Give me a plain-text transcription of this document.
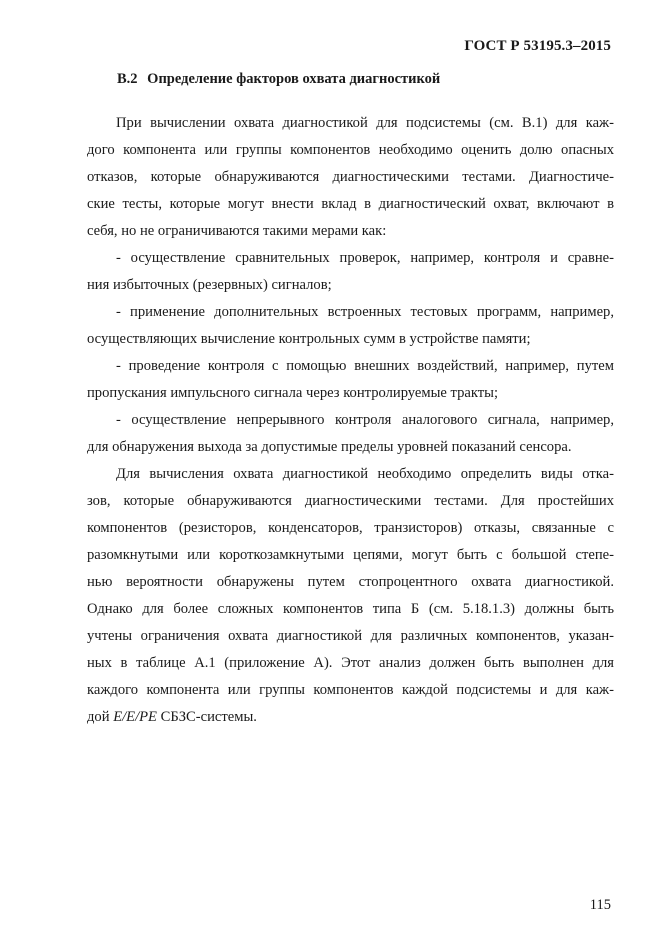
ГОСТ Р 53195.3–2015
В.2 Определение факторов охвата диагностикой
При вычислении охвата диагностикой для подсистемы (см. В.1) для каж-
дого компонента или группы компонентов необходимо оценить долю опасных
отказов, которые обнаруживаются диагностическими тестами. Диагностиче-
ские тесты, которые могут внести вклад в диагностический охват, включают в
себя, но не ограничиваются такими мерами как:
- осуществление сравнительных проверок, например, контроля и сравне-
ния избыточных (резервных) сигналов;
- применение дополнительных встроенных тестовых программ, например,
осуществляющих вычисление контрольных сумм в устройстве памяти;
- проведение контроля с помощью внешних воздействий, например, путем
пропускания импульсного сигнала через контролируемые тракты;
- осуществление непрерывного контроля аналогового сигнала, например,
для обнаружения выхода за допустимые пределы уровней показаний сенсора.
Для вычисления охвата диагностикой необходимо определить виды отка-
зов, которые обнаруживаются диагностическими тестами. Для простейших
компонентов (резисторов, конденсаторов, транзисторов) отказы, связанные с
разомкнутыми или короткозамкнутыми цепями, могут быть с большой степе-
нью вероятности обнаружены путем стопроцентного охвата диагностикой.
Однако для более сложных компонентов типа Б (см. 5.18.1.3) должны быть
учтены ограничения охвата диагностикой для различных компонентов, указан-
ных в таблице А.1 (приложение А). Этот анализ должен быть выполнен для
каждого компонента или группы компонентов каждой подсистемы и для каж-
дой Е/Е/РЕ СБЗС-системы.
115
